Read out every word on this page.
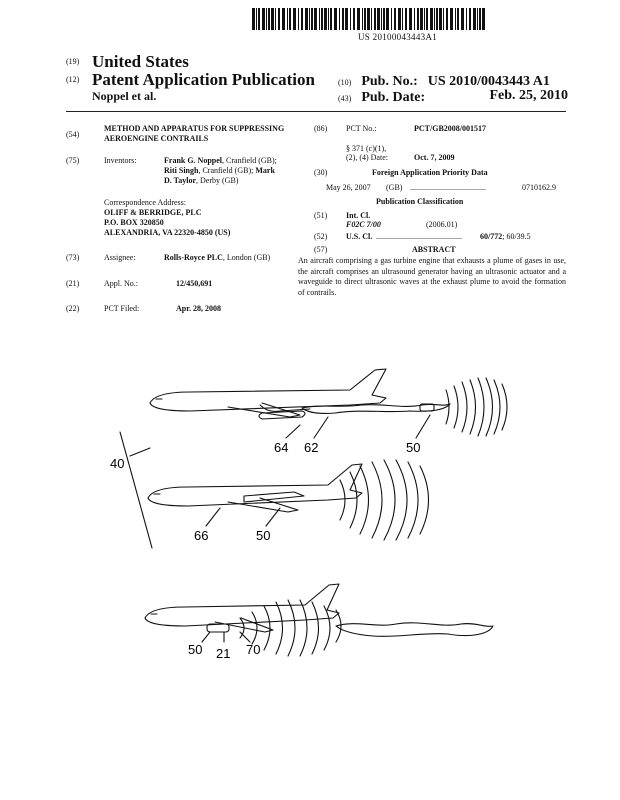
US 20100043443A1
(19) United States
(12) Patent Application Publication
Noppel et al.
(10) Pub. No.: US 2010/0043443 A1
(43) Pub. Date:	Feb. 25, 2010
(54)
METHOD AND APPARATUS FOR SUPPRESSING AEROENGINE CONTRAILS
(75)	Inventors:	Frank G. Noppel, Cranfield (GB);
Riti Singh, Cranfield (GB); Mark
D. Taylor, Derby (GB)
Correspondence Address:
OLIFF & BERRIDGE, PLC
P.O. BOX 320850
ALEXANDRIA, VA 22320-4850 (US)
(73)	Assignee:	Rolls-Royce PLC, London (GB)
(21)	Appl. No.:	12/450,691
(22)	PCT Filed:	Apr. 28, 2008
(86) PCT No.:	PCT/GB2008/001517
§ 371 (c)(1),
(2), (4) Date:	Oct. 7, 2009
(30)	Foreign Application Priority Data
May 26, 2007 (GB) ......................................	0710162.9
Publication Classification
(51) Int. Cl.
F02C 7/00	(2006.01)
(52) U.S. Cl. ...........................................	60/772; 60/39.5
(57)	ABSTRACT
An aircraft comprising a gas turbine engine that exhausts a plume of gases in use, the aircraft comprises an ultrasound generator having an ultrasonic actuator and a waveguide to direct ultrasonic waves at the exhaust plume to avoid the formation of contrails.
40
64 62	50
66	50
50 21 70
